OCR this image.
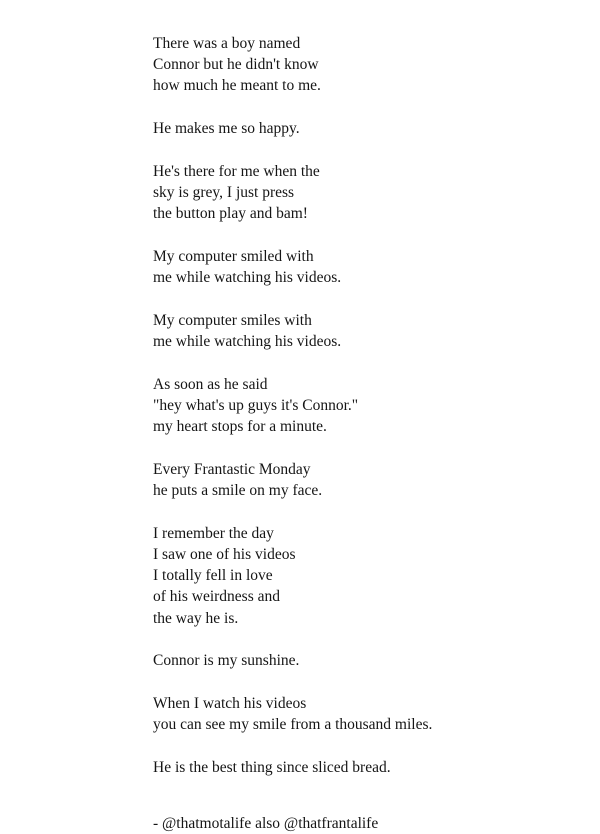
There was a boy named
Connor but he didn't know
how much he meant to me.
He makes me so happy.
He's there for me when the
sky is grey, I just press
the button play and bam!
My computer smiled with
me while watching his videos.
My computer smiles with
me while watching his videos.
As soon as he said
"hey what's up guys it's Connor."
my heart stops for a minute.
Every Frantastic Monday
he puts a smile on my face.
I remember the day
I saw one of his videos
I totally fell in love
of his weirdness and
the way he is.
Connor is my sunshine.
When I watch his videos
you can see my smile from a thousand miles.
He is the best thing since sliced bread.
- @thatmotalife also @thatfrantalife
